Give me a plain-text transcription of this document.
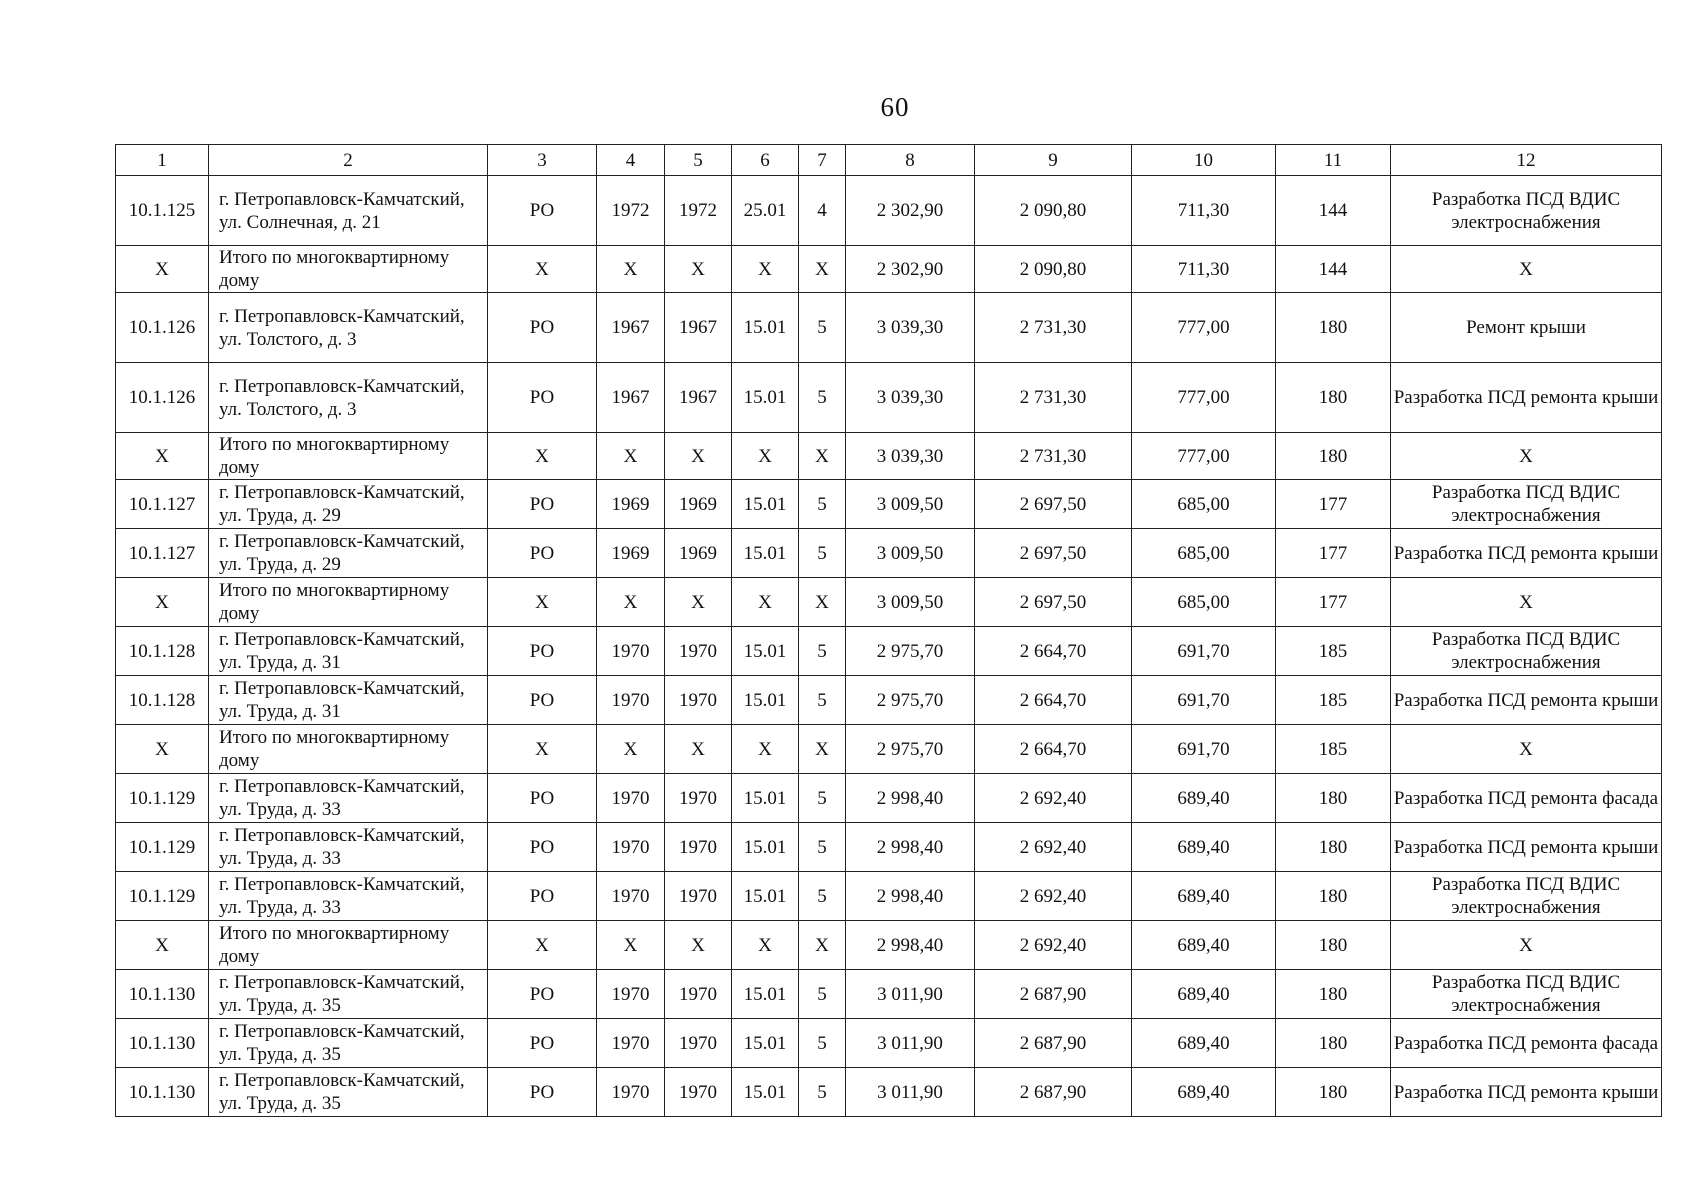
60
1	2	3	4	5	6	7	8	9	10	11	12
10.1.125	г. Петропавловск-Камчатский, ул. Солнечная, д. 21	РО	1972	1972	25.01	4	2 302,90	2 090,80	711,30	144	Разработка ПСД ВДИС электроснабжения
Х	Итого по многоквартирному дому	Х	Х	Х	Х	Х	2 302,90	2 090,80	711,30	144	Х
10.1.126	г. Петропавловск-Камчатский, ул. Толстого, д. 3	РО	1967	1967	15.01	5	3 039,30	2 731,30	777,00	180	Ремонт крыши
10.1.126	г. Петропавловск-Камчатский, ул. Толстого, д. 3	РО	1967	1967	15.01	5	3 039,30	2 731,30	777,00	180	Разработка ПСД ремонта крыши
Х	Итого по многоквартирному дому	Х	Х	Х	Х	Х	3 039,30	2 731,30	777,00	180	Х
10.1.127	г. Петропавловск-Камчатский, ул. Труда, д. 29	РО	1969	1969	15.01	5	3 009,50	2 697,50	685,00	177	Разработка ПСД ВДИС электроснабжения
10.1.127	г. Петропавловск-Камчатский, ул. Труда, д. 29	РО	1969	1969	15.01	5	3 009,50	2 697,50	685,00	177	Разработка ПСД ремонта крыши
Х	Итого по многоквартирному дому	Х	Х	Х	Х	Х	3 009,50	2 697,50	685,00	177	Х
10.1.128	г. Петропавловск-Камчатский, ул. Труда, д. 31	РО	1970	1970	15.01	5	2 975,70	2 664,70	691,70	185	Разработка ПСД ВДИС электроснабжения
10.1.128	г. Петропавловск-Камчатский, ул. Труда, д. 31	РО	1970	1970	15.01	5	2 975,70	2 664,70	691,70	185	Разработка ПСД ремонта крыши
Х	Итого по многоквартирному дому	Х	Х	Х	Х	Х	2 975,70	2 664,70	691,70	185	Х
10.1.129	г. Петропавловск-Камчатский, ул. Труда, д. 33	РО	1970	1970	15.01	5	2 998,40	2 692,40	689,40	180	Разработка ПСД ремонта фасада
10.1.129	г. Петропавловск-Камчатский, ул. Труда, д. 33	РО	1970	1970	15.01	5	2 998,40	2 692,40	689,40	180	Разработка ПСД ремонта крыши
10.1.129	г. Петропавловск-Камчатский, ул. Труда, д. 33	РО	1970	1970	15.01	5	2 998,40	2 692,40	689,40	180	Разработка ПСД ВДИС электроснабжения
Х	Итого по многоквартирному дому	Х	Х	Х	Х	Х	2 998,40	2 692,40	689,40	180	Х
10.1.130	г. Петропавловск-Камчатский, ул. Труда, д. 35	РО	1970	1970	15.01	5	3 011,90	2 687,90	689,40	180	Разработка ПСД ВДИС электроснабжения
10.1.130	г. Петропавловск-Камчатский, ул. Труда, д. 35	РО	1970	1970	15.01	5	3 011,90	2 687,90	689,40	180	Разработка ПСД ремонта фасада
10.1.130	г. Петропавловск-Камчатский, ул. Труда, д. 35	РО	1970	1970	15.01	5	3 011,90	2 687,90	689,40	180	Разработка ПСД ремонта крыши
